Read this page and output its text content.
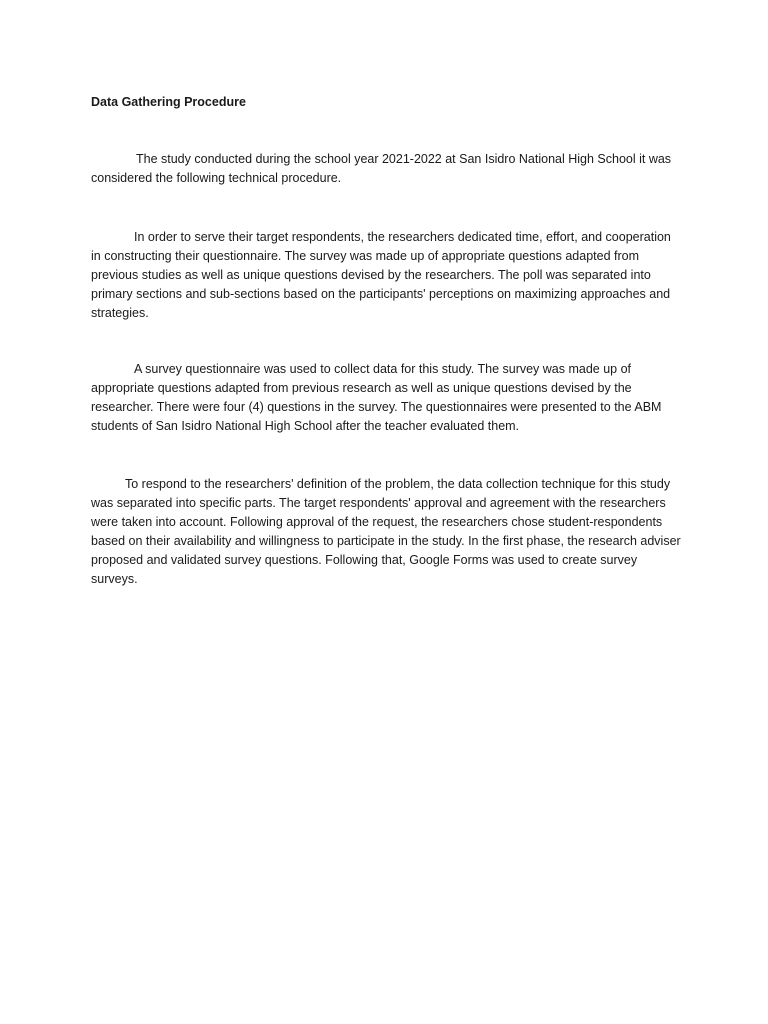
Data Gathering Procedure

The study conducted during the school year 2021-2022 at San Isidro National High School it was considered the following technical procedure.

In order to serve their target respondents, the researchers dedicated time, effort, and cooperation in constructing their questionnaire. The survey was made up of appropriate questions adapted from previous studies as well as unique questions devised by the researchers. The poll was separated into primary sections and sub-sections based on the participants' perceptions on maximizing approaches and strategies.

A survey questionnaire was used to collect data for this study. The survey was made up of appropriate questions adapted from previous research as well as unique questions devised by the researcher. There were four (4) questions in the survey. The questionnaires were presented to the ABM students of San Isidro National High School after the teacher evaluated them.

To respond to the researchers' definition of the problem, the data collection technique for this study was separated into specific parts. The target respondents' approval and agreement with the researchers were taken into account. Following approval of the request, the researchers chose student-respondents based on their availability and willingness to participate in the study. In the first phase, the research adviser proposed and validated survey questions. Following that, Google Forms was used to create survey surveys.
